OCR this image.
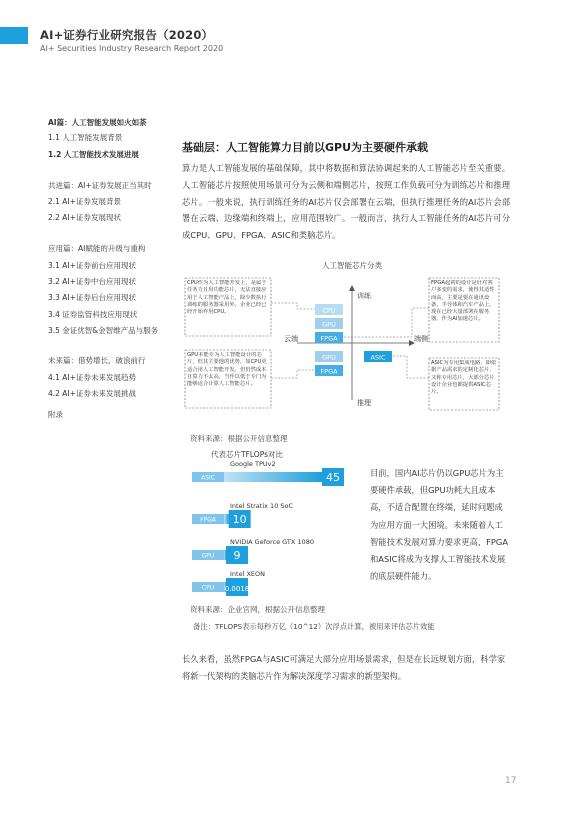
AI+证券行业研究报告（2020）
AI+ Securities Industry Research Report 2020
AI篇：人工智能发展如火如荼
1.1 人工智能发展背景
1.2 人工智能技术发展进展
共进篇：AI+证券发展正当其时
2.1 AI+证券发展背景
2.2 AI+证券发展现状
应用篇：AI赋能的升级与重构
3.1 AI+证券前台应用现状
3.2 AI+证券中台应用现状
3.3 AI+证券后台应用现状
3.4 证券监管科技应用现状
3.5 金证优智&金智维产品与服务
未来篇：借势增长，破浪前行
4.1 AI+证券未来发展趋势
4.2 AI+证券未来发展挑战
附录
基础层：人工智能算力目前以GPU为主要硬件承载
算力是人工智能发展的基础保障，其中将数据和算法协调起来的人工智能芯片至关重要。人工智能芯片按照使用场景可分为云侧和端侧芯片，按照工作负载可分为训练芯片和推理芯片。一般来说，执行训练任务的AI芯片仅会部署在云端，但执行推理任务的AI芯片会部署在云端、边缘端和终端上，应用范围较广。一般而言，执行人工智能任务的AI芯片可分成CPU、GPU、FPGA、ASIC和类脑芯片。
人工智能芯片分类
训练
推理
云端	端侧
CPU
GPU
FPGA
GPU
FPGA
ASIC
CPU作为人工智能开发上，是属于任务力且用功能芯片，无法直接应用于人工智能产品上，除少数执行训练的服务器采用外，企业已经已经开始弃用CPU。
GPU本能专为人工智能设计的芯片，但其主要他的优势，如CPU更适合用人工智能开发，但仍然成本且算力不太高，当作以低于专门为能够适合计算人工智能芯片。
FPGA起初的设计是针对客户多变的需求，使得其适性而高，主要是要在通讯设备、半导体和汽车产品上，现在已经大量部署在服务器，作为AI加速芯片。
ASIC为专用集成电路，即依据产品需求的定制化芯片，又称专用芯片，大部分芯片设计企业也都提供ASIC芯片。
资料来源：根据公开信息整理
代表芯片TFLOPs对比
Google TPUv2
ASIC	45
Intel Stratix 10 SoC
FPGA 10
NVIDIA Geforce GTX 1080
GPU 9
Intel XEON
CPU 0.0018
目前，国内AI芯片仍以GPU芯片为主要硬件承载，但GPU功耗大且成本高，不适合配置在终端，延时问题成为应用方面一大困境。未来随着人工智能技术发展对算力要求更高，FPGA和ASIC将成为支撑人工智能技术发展的底层硬件能力。
资料来源：企业官网，根据公开信息整理
备注：TFLOPS表示每秒万亿（10^12）次浮点计算，被用来评估芯片效能
长久来看，虽然FPGA与ASIC可满足大部分应用场景需求，但是在长远规划方面，科学家将新一代架构的类脑芯片作为解决深度学习需求的新型架构。
17
